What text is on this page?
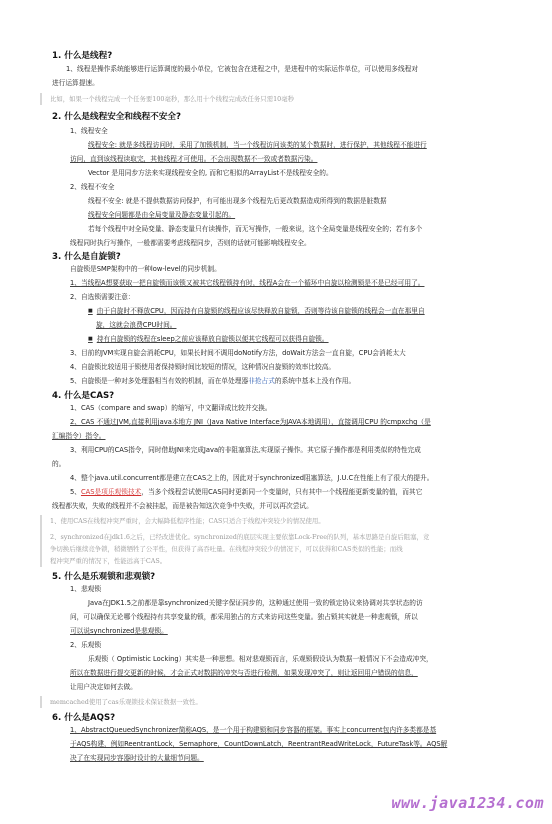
1. 什么是线程?
1、线程是操作系统能够进行运算调度的最小单位，它被包含在进程之中，是进程中的实际运作单位，可以使用多线程对
进行运算提速。
比如，如果一个线程完成一个任务要100毫秒，那么用十个线程完成改任务只需10毫秒
2. 什么是线程安全和线程不安全?
1、线程安全
线程安全: 就是多线程访问时，采用了加锁机制，当一个线程访问该类的某个数据时，进行保护，其他线程不能进行
访问，直到该线程读取完，其他线程才可使用。不会出现数据不一致或者数据污染。
Vector 是用同步方法来实现线程安全的, 而和它相似的ArrayList不是线程安全的。
2、线程不安全
线程不安全: 就是不提供数据访问保护，有可能出现多个线程先后更改数据造成所得到的数据是脏数据
线程安全问题都是由全局变量及静态变量引起的。
若每个线程中对全局变量、静态变量只有读操作，而无写操作，一般来说，这个全局变量是线程安全的；若有多个
线程同时执行写操作，一般都需要考虑线程同步，否则的话就可能影响线程安全。
3. 什么是自旋锁?
自旋锁是SMP架构中的一种low-level的同步机制。
1、当线程A想要获取一把自旋锁而该锁又被其它线程锁持有时，线程A会在一个循环中自旋以检测锁是不是已经可用了。
2、自选锁需要注意：
■ 由于自旋时不释放CPU，因而持有自旋锁的线程应该尽快释放自旋锁，否则等待该自旋锁的线程会一直在那里自
旋，这就会浪费CPU时间。
■ 持有自旋锁的线程在sleep之前应该释放自旋锁以便其它线程可以获得自旋锁。
3、目前的JVM实现自旋会消耗CPU，如果长时间不调用doNotify方法，doWait方法会一直自旋，CPU会消耗太大
4、自旋锁比较适用于锁使用者保持锁时间比较短的情况，这种情况自旋锁的效率比较高。
5、自旋锁是一种对多处理器相当有效的机制，而在单处理器非抢占式的系统中基本上没有作用。
4. 什么是CAS?
1、CAS（compare and swap）的缩写，中文翻译成比较并交换。
2、CAS 不通过JVM,直接利用java本地方 JNI（Java Native Interface为JAVA本地调用），直接调用CPU 的cmpxchg（是
汇编指令）指令。
3、利用CPU的CAS指令，同时借助JNI来完成Java的非阻塞算法,实现原子操作。其它原子操作都是利用类似的特性完成
的。
4、整个java.util.concurrent都是建立在CAS之上的，因此对于synchronized阻塞算法，J.U.C在性能上有了很大的提升。
5、CAS是项乐观锁技术，当多个线程尝试使用CAS同时更新同一个变量时，只有其中一个线程能更新变量的值，而其它
线程都失败，失败的线程并不会被挂起，而是被告知这次竞争中失败，并可以再次尝试。
1、使用CAS在线程冲突严重时，会大幅降低程序性能；CAS只适合于线程冲突较少的情况使用。
2、synchronized在jdk1.6之后，已经改进优化。synchronized的底层实现主要依靠Lock-Free的队列，基本思路是自旋后阻塞，竞
争切换后继续竞争锁，稍微牺牲了公平性，但获得了高吞吐量。在线程冲突较少的情况下，可以获得和CAS类似的性能；而线
程冲突严重的情况下，性能远高于CAS。
5. 什么是乐观锁和悲观锁?
1、悲观锁
Java在JDK1.5之前都是靠synchronized关键字保证同步的，这种通过使用一致的锁定协议来协调对共享状态的访
问，可以确保无论哪个线程持有共享变量的锁，都采用独占的方式来访问这些变量。独占锁其实就是一种悲观锁，所以
可以说synchronized是悲观锁。
2、乐观锁
乐观锁（ Optimistic Locking）其实是一种思想。相对悲观锁而言，乐观锁假设认为数据一般情况下不会造成冲突，
所以在数据进行提交更新的时候，才会正式对数据的冲突与否进行检测，如果发现冲突了，则让返回用户错误的信息，
让用户决定如何去做。
memcached使用了cas乐观锁技术保证数据一致性。
6. 什么是AQS?
1、AbstractQueuedSynchronizer简称AQS，是一个用于构建锁和同步容器的框架。事实上concurrent包内许多类都是基
于AQS构建，例如ReentrantLock，Semaphore，CountDownLatch，ReentrantReadWriteLock，FutureTask等。AQS解
决了在实现同步容器时设计的大量细节问题。
www.java1234.com
